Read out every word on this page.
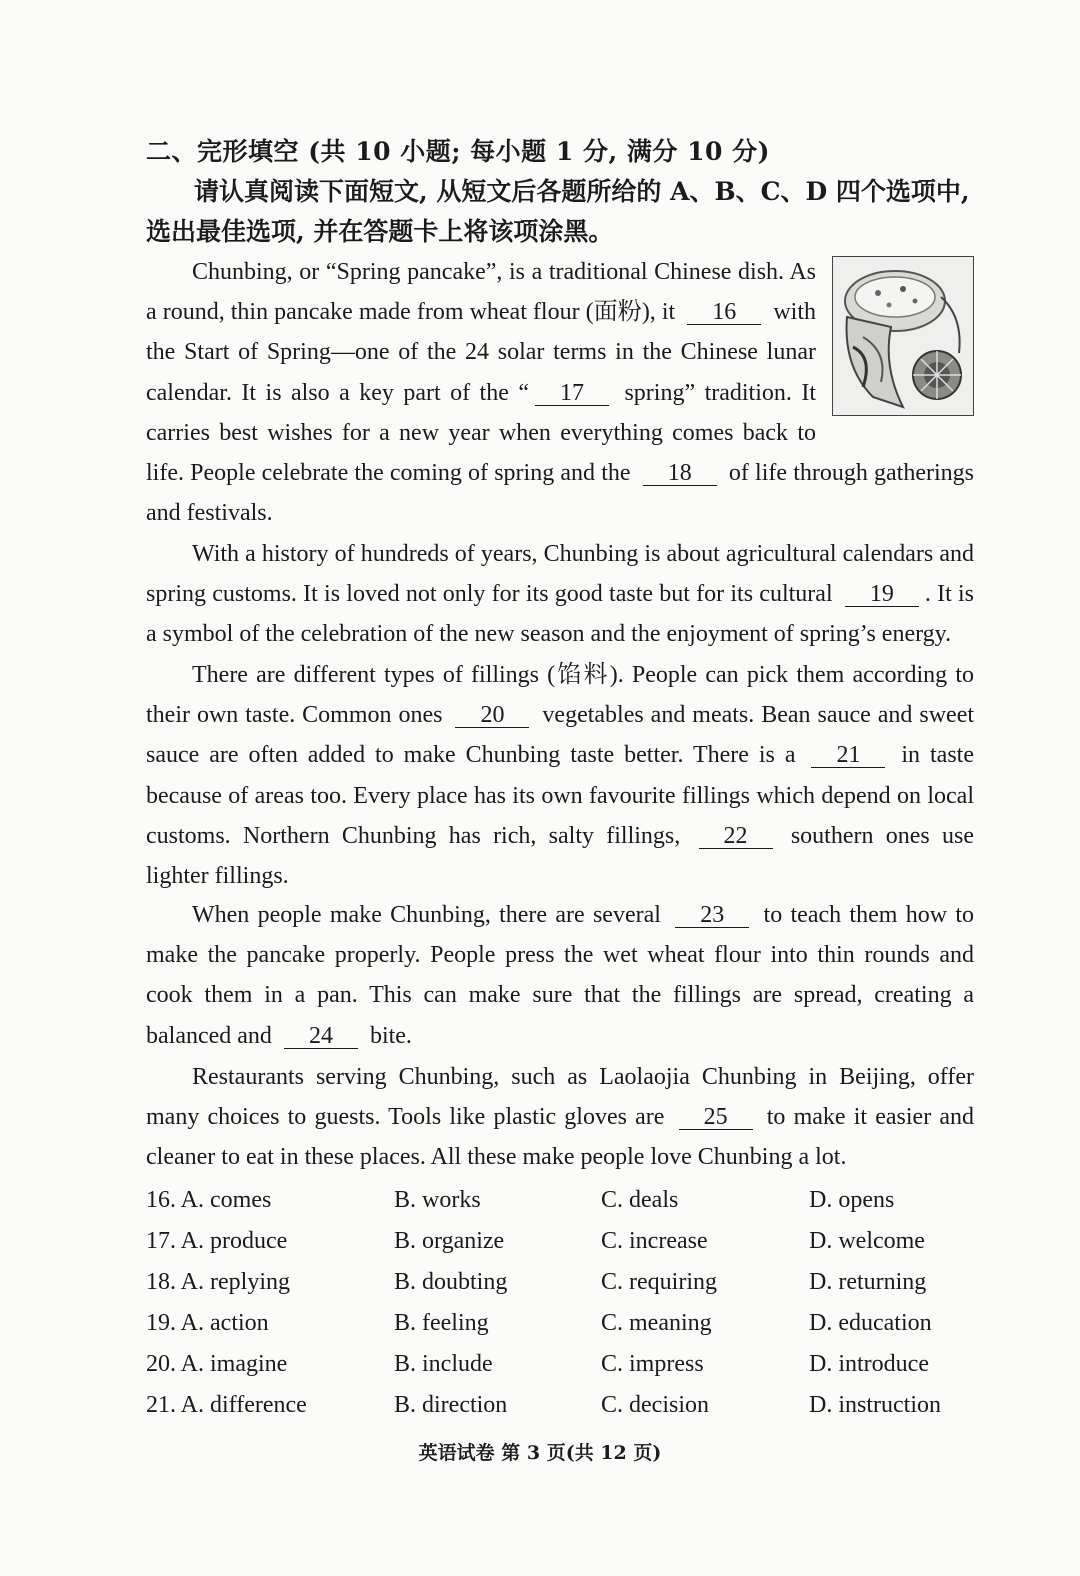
二、完形填空 (共 10 小题; 每小题 1 分, 满分 10 分)
请认真阅读下面短文, 从短文后各题所给的 A、B、C、D 四个选项中, 选出最佳选项, 并在答题卡上将该项涂黑。
Chunbing, or “Spring pancake”, is a traditional Chinese dish. As a round, thin pancake made from wheat flour (面粉), it 16 with the Start of Spring—one of the 24 solar terms in the Chinese lunar calendar. It is also a key part of the “ 17 spring” tradition. It carries best wishes for a new year when everything comes back to life. People celebrate the coming of spring and the 18 of life through gatherings and festivals.
With a history of hundreds of years, Chunbing is about agricultural calendars and spring customs. It is loved not only for its good taste but for its cultural 19 . It is a symbol of the celebration of the new season and the enjoyment of spring’s energy.
There are different types of fillings (馅料). People can pick them according to their own taste. Common ones 20 vegetables and meats. Bean sauce and sweet sauce are often added to make Chunbing taste better. There is a 21 in taste because of areas too. Every place has its own favourite fillings which depend on local customs. Northern Chunbing has rich, salty fillings, 22 southern ones use lighter fillings.
When people make Chunbing, there are several 23 to teach them how to make the pancake properly. People press the wet wheat flour into thin rounds and cook them in a pan. This can make sure that the fillings are spread, creating a balanced and 24 bite.
Restaurants serving Chunbing, such as Laolaojia Chunbing in Beijing, offer many choices to guests. Tools like plastic gloves are 25 to make it easier and cleaner to eat in these places. All these make people love Chunbing a lot.
16. A. comes	B. works	C. deals	D. opens
17. A. produce	B. organize	C. increase	D. welcome
18. A. replying	B. doubting	C. requiring	D. returning
19. A. action	B. feeling	C. meaning	D. education
20. A. imagine	B. include	C. impress	D. introduce
21. A. difference	B. direction	C. decision	D. instruction
英语试卷 第 3 页(共 12 页)
